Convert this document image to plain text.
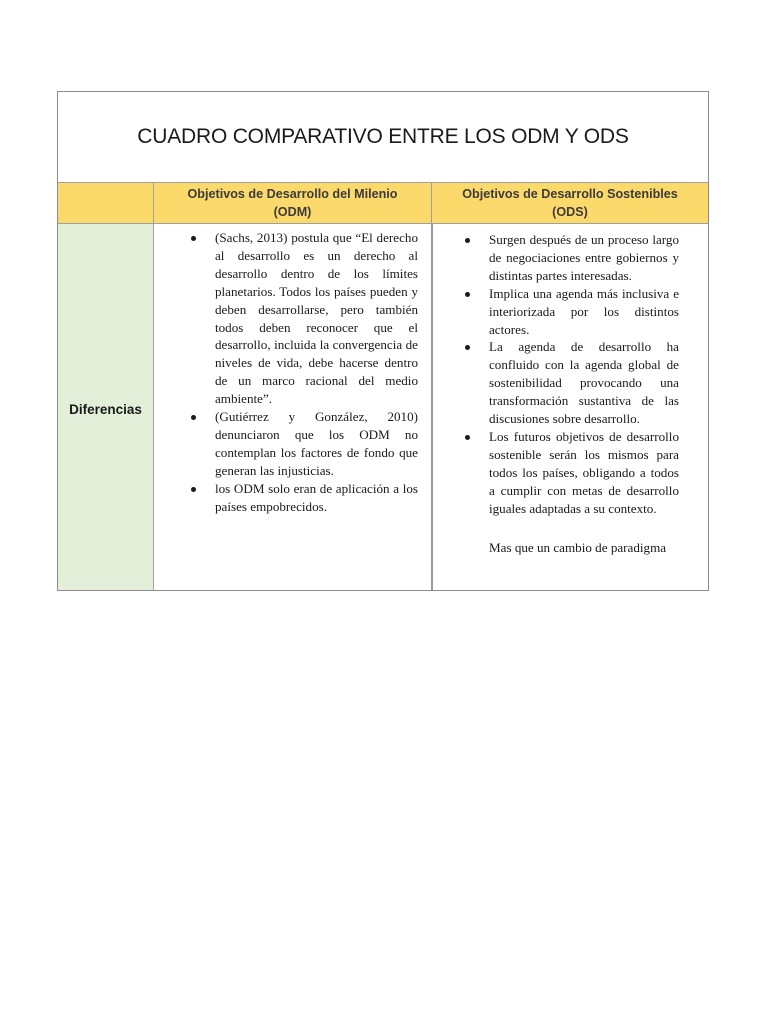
CUADRO COMPARATIVO ENTRE LOS ODM Y ODS
Objetivos de Desarrollo del Milenio
(ODM)
Objetivos de Desarrollo Sostenibles
(ODS)
Diferencias
(Sachs, 2013) postula que “El derecho al desarrollo es un derecho al desarrollo dentro de los límites planetarios. Todos los países pueden y deben desarrollarse, pero también todos deben reconocer que el desarrollo, incluida la convergencia de niveles de vida, debe hacerse dentro de un marco racional del medio ambiente”.
(Gutiérrez y González, 2010) denunciaron que los ODM no contemplan los factores de fondo que generan las injusticias.
los ODM solo eran de aplicación a los países empobrecidos.
Surgen después de un proceso largo de negociaciones entre gobiernos y distintas partes interesadas.
Implica una agenda más inclusiva e interiorizada por los distintos actores.
La agenda de desarrollo ha confluido con la agenda global de sostenibilidad provocando una transformación sustantiva de las discusiones sobre desarrollo.
Los futuros objetivos de desarrollo sostenible serán los mismos para todos los países, obligando a todos a cumplir con metas de desarrollo iguales adaptadas a su contexto.
Mas que un cambio de paradigma
